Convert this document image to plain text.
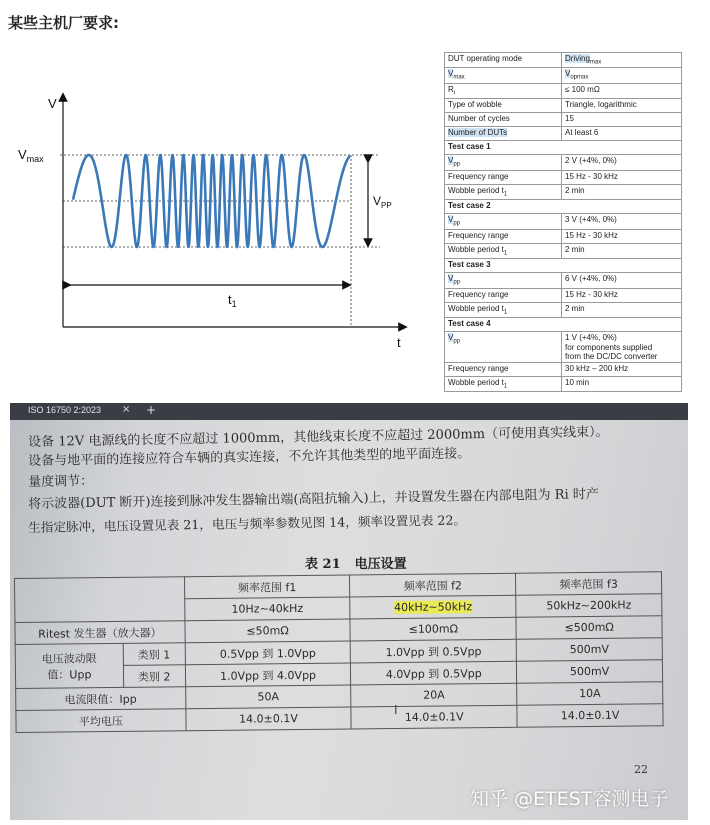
某些主机厂要求:
V
t
$V_{max}$
$V_{PP}$
$t_1$
DUT operating mode	Driving$_{max}$
$V_{max}$	$V_{opmax}$
$R_i$	≤ 100 mΩ
Type of wobble	Triangle, logarithmic
Number of cycles	15
Number of DUTs	At least 6
Test case 1	
$V_{pp}$	2 V (+4%, 0%)
Frequency range	15 Hz - 30 kHz
Wobble period $t_1$	2 min
Test case 2	
$V_{pp}$	3 V (+4%, 0%)
Frequency range	15 Hz - 30 kHz
Wobble period $t_1$	2 min
Test case 3	
$V_{pp}$	6 V (+4%, 0%)
Frequency range	15 Hz - 30 kHz
Wobble period $t_1$	2 min
Test case 4	
$V_{pp}$	1 V (+4%, 0%)
for components supplied
from the DC/DC converter

Frequency range	30 kHz – 200 kHz
Wobble period $t_1$	10 min
ISO 16750 2:2023 × +
设备 12V 电源线的长度不应超过 1000mm，其他线束长度不应超过 2000mm（可使用真实线束）。
设备与地平面的连接应符合车辆的真实连接，不允许其他类型的地平面连接。
量度调节：
将示波器(DUT 断开)连接到脉冲发生器输出端(高阻抗输入)上，并设置发生器在内部电阻为 Ri 时产
生指定脉冲，电压设置见表 21，电压与频率参数见图 14，频率设置见表 22。
表 21 电压设置
		频率范围 f1	频率范围 f2	频率范围 f3
		10Hz~40kHz	40kHz~50kHz	50kHz~200kHz
Ritest 发生器（放大器）		≤50mΩ	≤100mΩ	≤500mΩ

电压波动限
值：Upp	类别 1	0.5Vpp 到 1.0Vpp	1.0Vpp 到 0.5Vpp	500mV
	类别 2	1.0Vpp 到 4.0Vpp	4.0Vpp 到 0.5Vpp	500mV
电流限值：Ipp		50A	20A	10A
平均电压		14.0±0.1V	14.0±0.1V	14.0±0.1V
I
22
知乎 @ETEST容测电子
